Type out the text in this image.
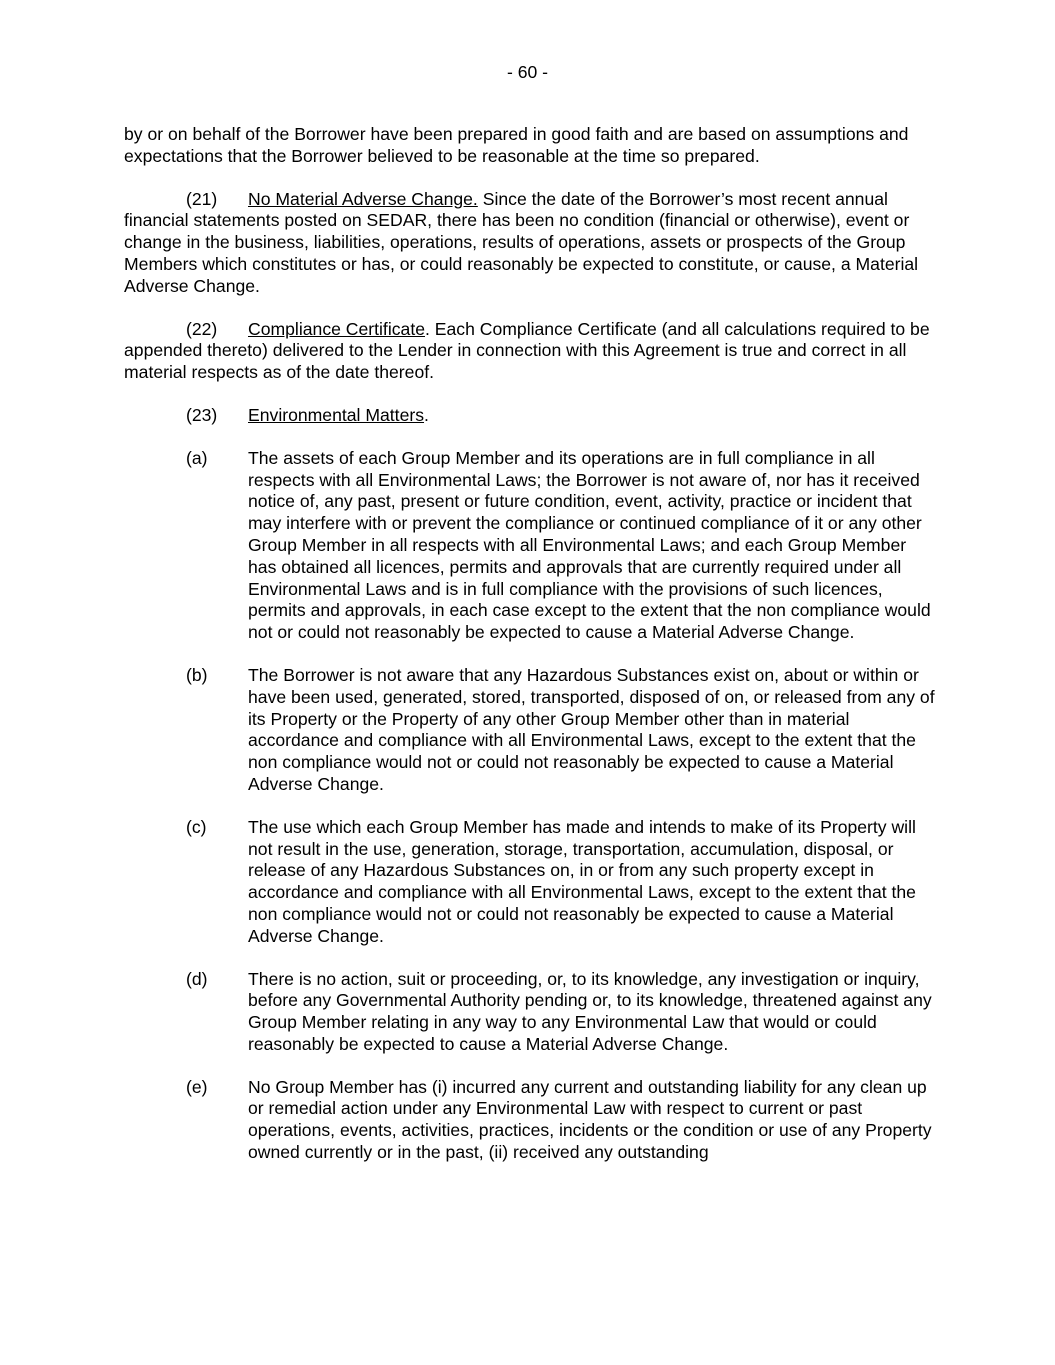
- 60 -

by or on behalf of the Borrower have been prepared in good faith and are based on assumptions and expectations that the Borrower believed to be reasonable at the time so prepared.

(21) No Material Adverse Change. Since the date of the Borrower’s most recent annual financial statements posted on SEDAR, there has been no condition (financial or otherwise), event or change in the business, liabilities, operations, results of operations, assets or prospects of the Group Members which constitutes or has, or could reasonably be expected to constitute, or cause, a Material Adverse Change.

(22) Compliance Certificate. Each Compliance Certificate (and all calculations required to be appended thereto) delivered to the Lender in connection with this Agreement is true and correct in all material respects as of the date thereof.

(23) Environmental Matters.

(a) The assets of each Group Member and its operations are in full compliance in all respects with all Environmental Laws; the Borrower is not aware of, nor has it received notice of, any past, present or future condition, event, activity, practice or incident that may interfere with or prevent the compliance or continued compliance of it or any other Group Member in all respects with all Environmental Laws; and each Group Member has obtained all licences, permits and approvals that are currently required under all Environmental Laws and is in full compliance with the provisions of such licences, permits and approvals, in each case except to the extent that the non compliance would not or could not reasonably be expected to cause a Material Adverse Change.
(b) The Borrower is not aware that any Hazardous Substances exist on, about or within or have been used, generated, stored, transported, disposed of on, or released from any of its Property or the Property of any other Group Member other than in material accordance and compliance with all Environmental Laws, except to the extent that the non compliance would not or could not reasonably be expected to cause a Material Adverse Change.
(c) The use which each Group Member has made and intends to make of its Property will not result in the use, generation, storage, transportation, accumulation, disposal, or release of any Hazardous Substances on, in or from any such property except in accordance and compliance with all Environmental Laws, except to the extent that the non compliance would not or could not reasonably be expected to cause a Material Adverse Change.
(d) There is no action, suit or proceeding, or, to its knowledge, any investigation or inquiry, before any Governmental Authority pending or, to its knowledge, threatened against any Group Member relating in any way to any Environmental Law that would or could reasonably be expected to cause a Material Adverse Change.
(e) No Group Member has (i) incurred any current and outstanding liability for any clean up or remedial action under any Environmental Law with respect to current or past operations, events, activities, practices, incidents or the condition or use of any Property owned currently or in the past, (ii) received any outstanding
